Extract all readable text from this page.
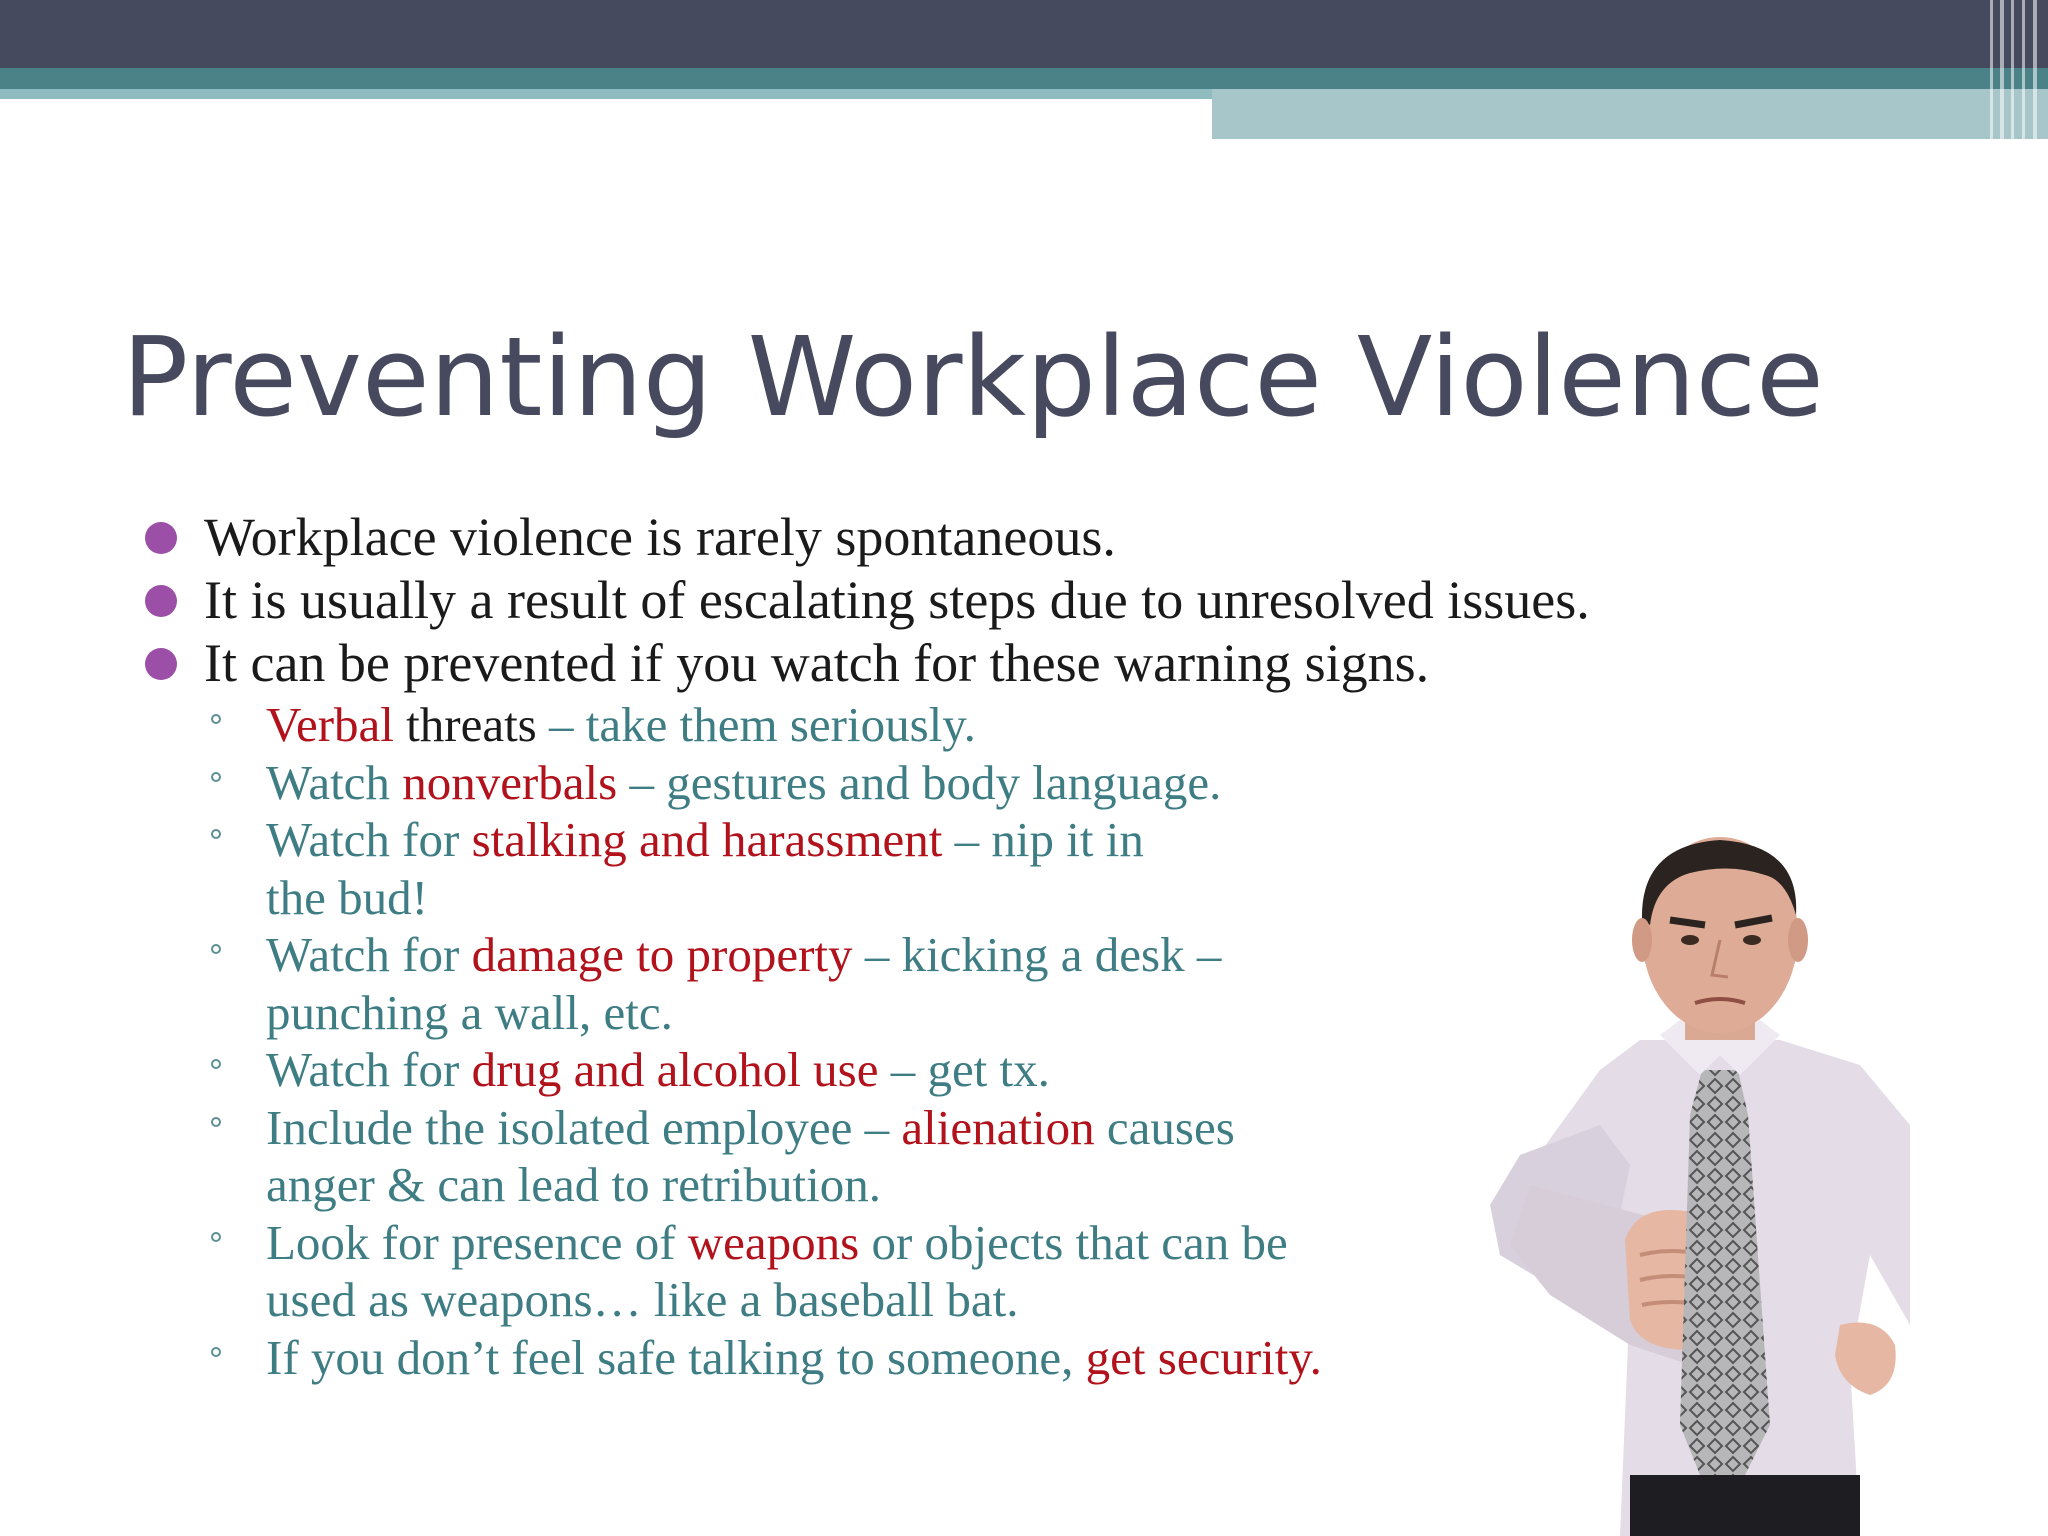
Preventing Workplace Violence
Workplace violence is rarely spontaneous.
It is usually a result of escalating steps due to unresolved issues.
It can be prevented if you watch for these warning signs.
Verbal threats – take them seriously.
Watch nonverbals – gestures and body language.
Watch for stalking and harassment – nip it in
the bud!
Watch for damage to property – kicking a desk –
punching a wall, etc.
Watch for drug and alcohol use – get tx.
Include the isolated employee – alienation causes
anger & can lead to retribution.
Look for presence of weapons or objects that can be
used as weapons… like a baseball bat.
If you don’t feel safe talking to someone, get security.
